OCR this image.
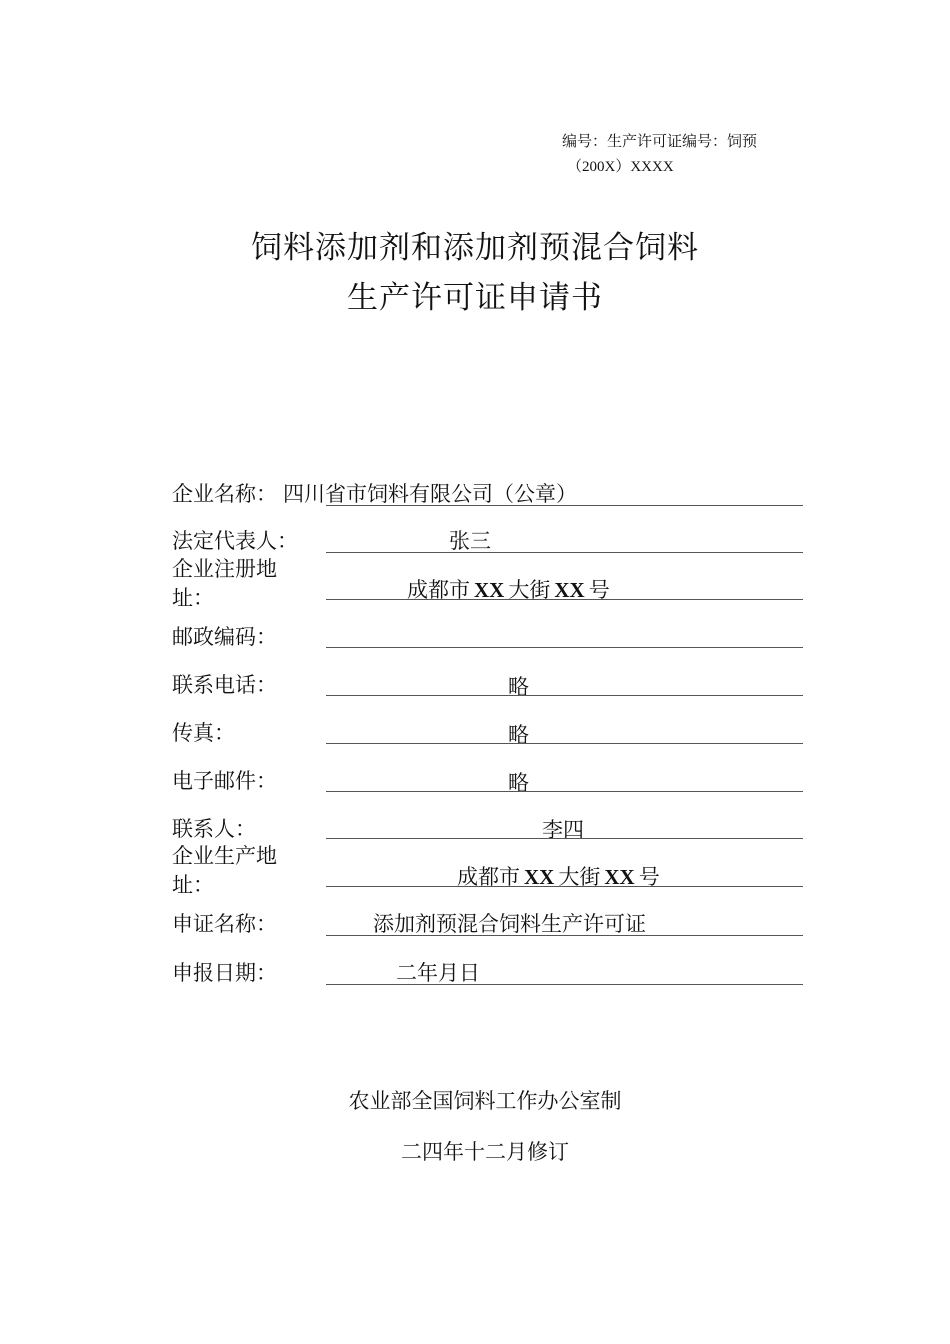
编号：生产许可证编号：饲预
（200X）XXXX
饲料添加剂和添加剂预混合饲料
生产许可证申请书
企业名称： 四川省市饲料有限公司（公章）
法定代表人：	张三
企业注册地址：	成都市 XX 大街 XX 号
邮政编码：
联系电话：	略
传真：	略
电子邮件：	略
联系人：	李四
企业生产地址：	成都市 XX 大街 XX 号
申证名称：	添加剂预混合饲料生产许可证
申报日期：	二年月日
农业部全国饲料工作办公室制
二四年十二月修订
